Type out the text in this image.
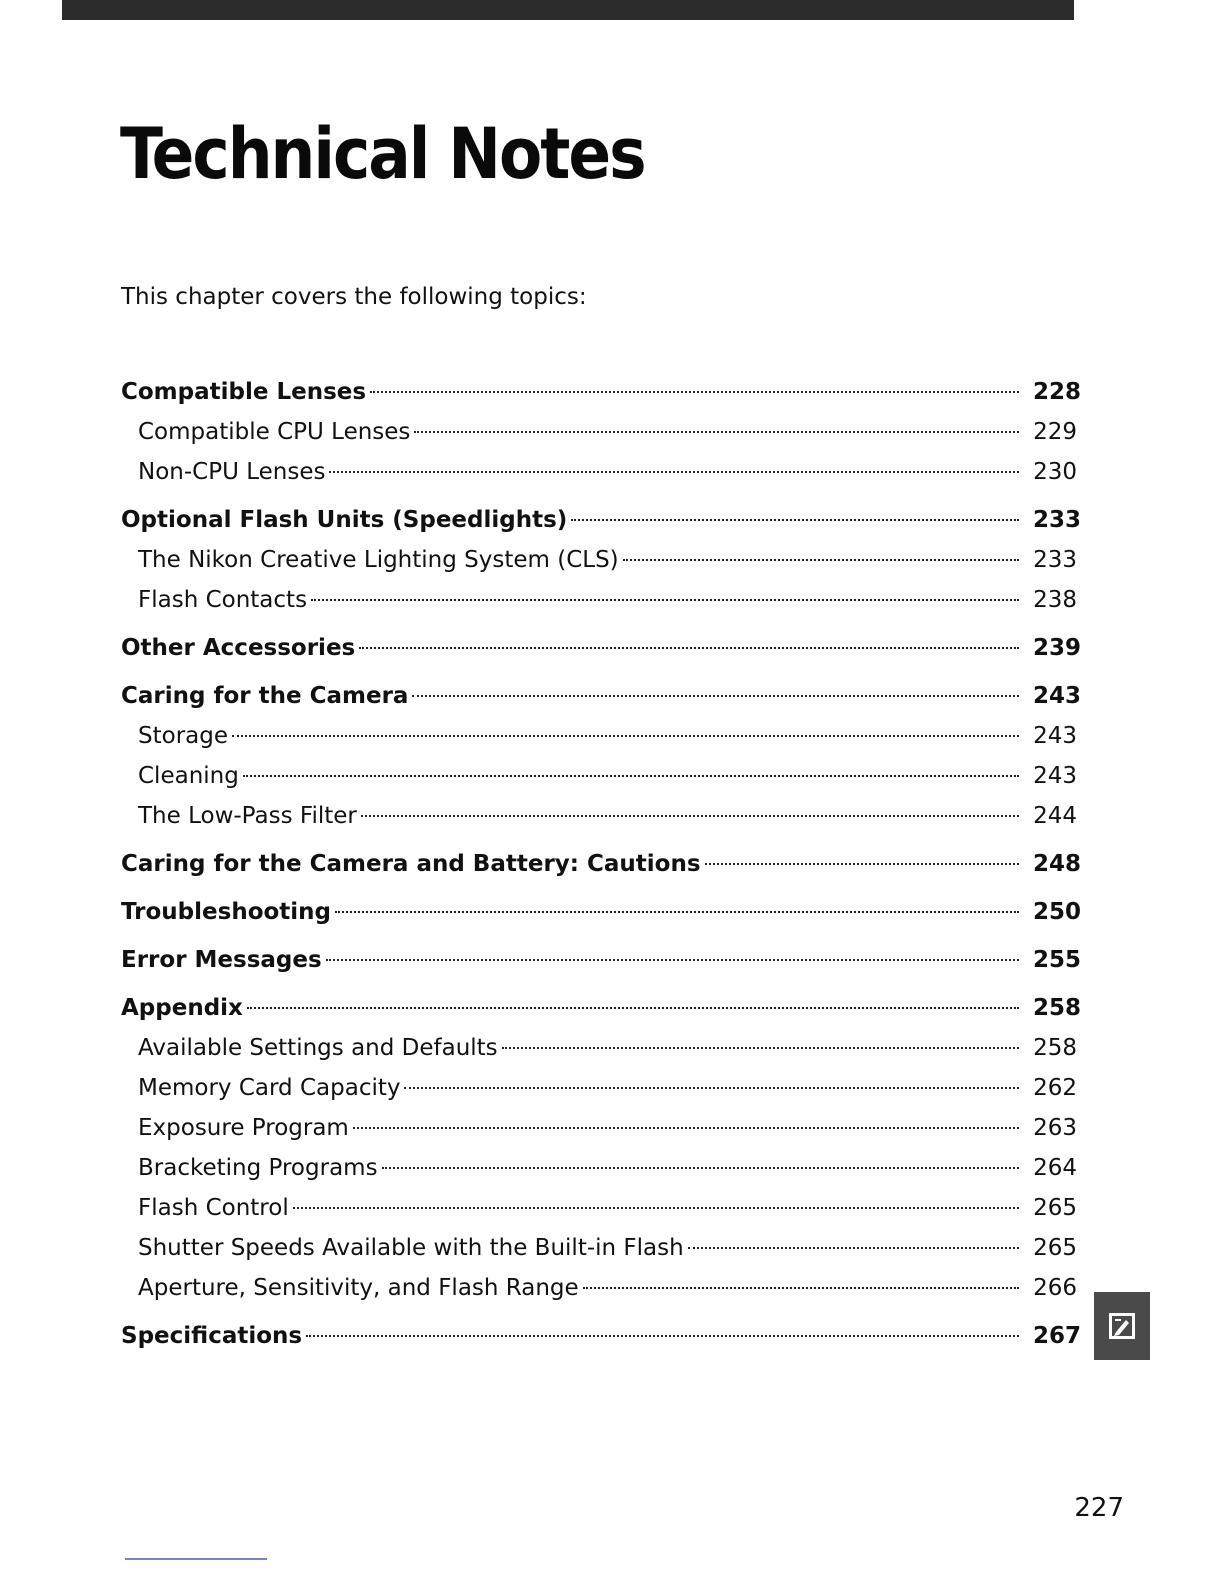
Technical Notes

This chapter covers the following topics:

Compatible Lenses	228
Compatible CPU Lenses	229
Non-CPU Lenses	230
Optional Flash Units (Speedlights)	233
The Nikon Creative Lighting System (CLS)	233
Flash Contacts	238
Other Accessories	239
Caring for the Camera	243
Storage	243
Cleaning	243
The Low-Pass Filter	244
Caring for the Camera and Battery: Cautions	248
Troubleshooting	250
Error Messages	255
Appendix	258
Available Settings and Defaults	258
Memory Card Capacity	262
Exposure Program	263
Bracketing Programs	264
Flash Control	265
Shutter Speeds Available with the Built-in Flash	265
Aperture, Sensitivity, and Flash Range	266
Specifications	267
227
